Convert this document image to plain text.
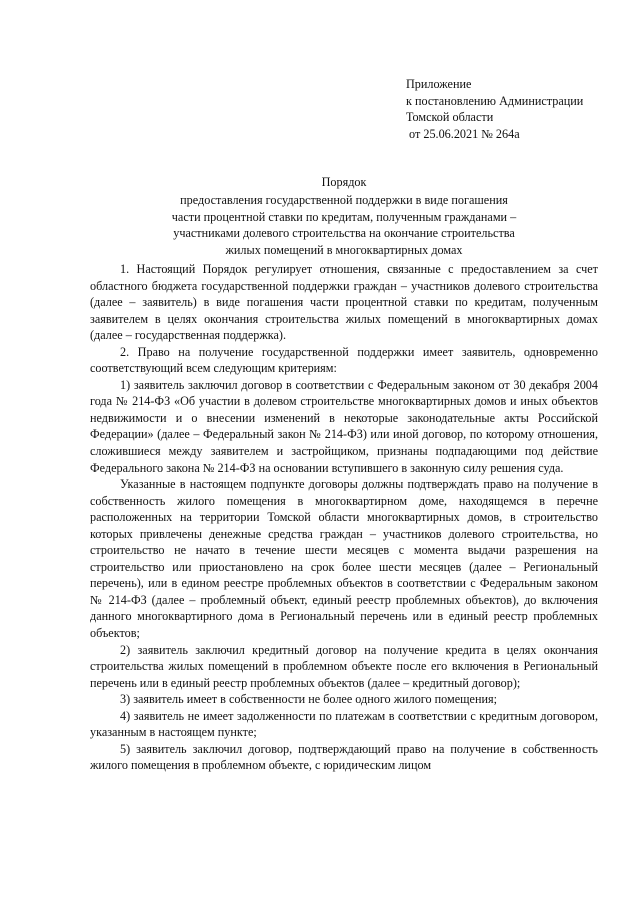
Приложение
к постановлению Администрации
Томской области
от 25.06.2021 № 264а
Порядок
предоставления государственной поддержки в виде погашения
части процентной ставки по кредитам, полученным гражданами –
участниками долевого строительства на окончание строительства
жилых помещений в многоквартирных домах

1. Настоящий Порядок регулирует отношения, связанные с предоставлением за счет областного бюджета государственной поддержки граждан – участников долевого строительства (далее – заявитель) в виде погашения части процентной ставки по кредитам, полученным заявителем в целях окончания строительства жилых помещений в многоквартирных домах (далее – государственная поддержка).

2. Право на получение государственной поддержки имеет заявитель, одновременно соответствующий всем следующим критериям:

1) заявитель заключил договор в соответствии с Федеральным законом от 30 декабря 2004 года № 214-ФЗ «Об участии в долевом строительстве многоквартирных домов и иных объектов недвижимости и о внесении изменений в некоторые законодательные акты Российской Федерации» (далее – Федеральный закон № 214-ФЗ) или иной договор, по которому отношения, сложившиеся между заявителем и застройщиком, признаны подпадающими под действие Федерального закона № 214-ФЗ на основании вступившего в законную силу решения суда.

Указанные в настоящем подпункте договоры должны подтверждать право на получение в собственность жилого помещения в многоквартирном доме, находящемся в перечне расположенных на территории Томской области многоквартирных домов, в строительство которых привлечены денежные средства граждан – участников долевого строительства, но строительство не начато в течение шести месяцев с момента выдачи разрешения на строительство или приостановлено на срок более шести месяцев (далее – Региональный перечень), или в едином реестре проблемных объектов в соответствии с Федеральным законом № 214-ФЗ (далее – проблемный объект, единый реестр проблемных объектов), до включения данного многоквартирного дома в Региональный перечень или в единый реестр проблемных объектов;

2) заявитель заключил кредитный договор на получение кредита в целях окончания строительства жилых помещений в проблемном объекте после его включения в Региональный перечень или в единый реестр проблемных объектов (далее – кредитный договор);

3) заявитель имеет в собственности не более одного жилого помещения;

4) заявитель не имеет задолженности по платежам в соответствии с кредитным договором, указанным в настоящем пункте;

5) заявитель заключил договор, подтверждающий право на получение в собственность жилого помещения в проблемном объекте, с юридическим лицом
